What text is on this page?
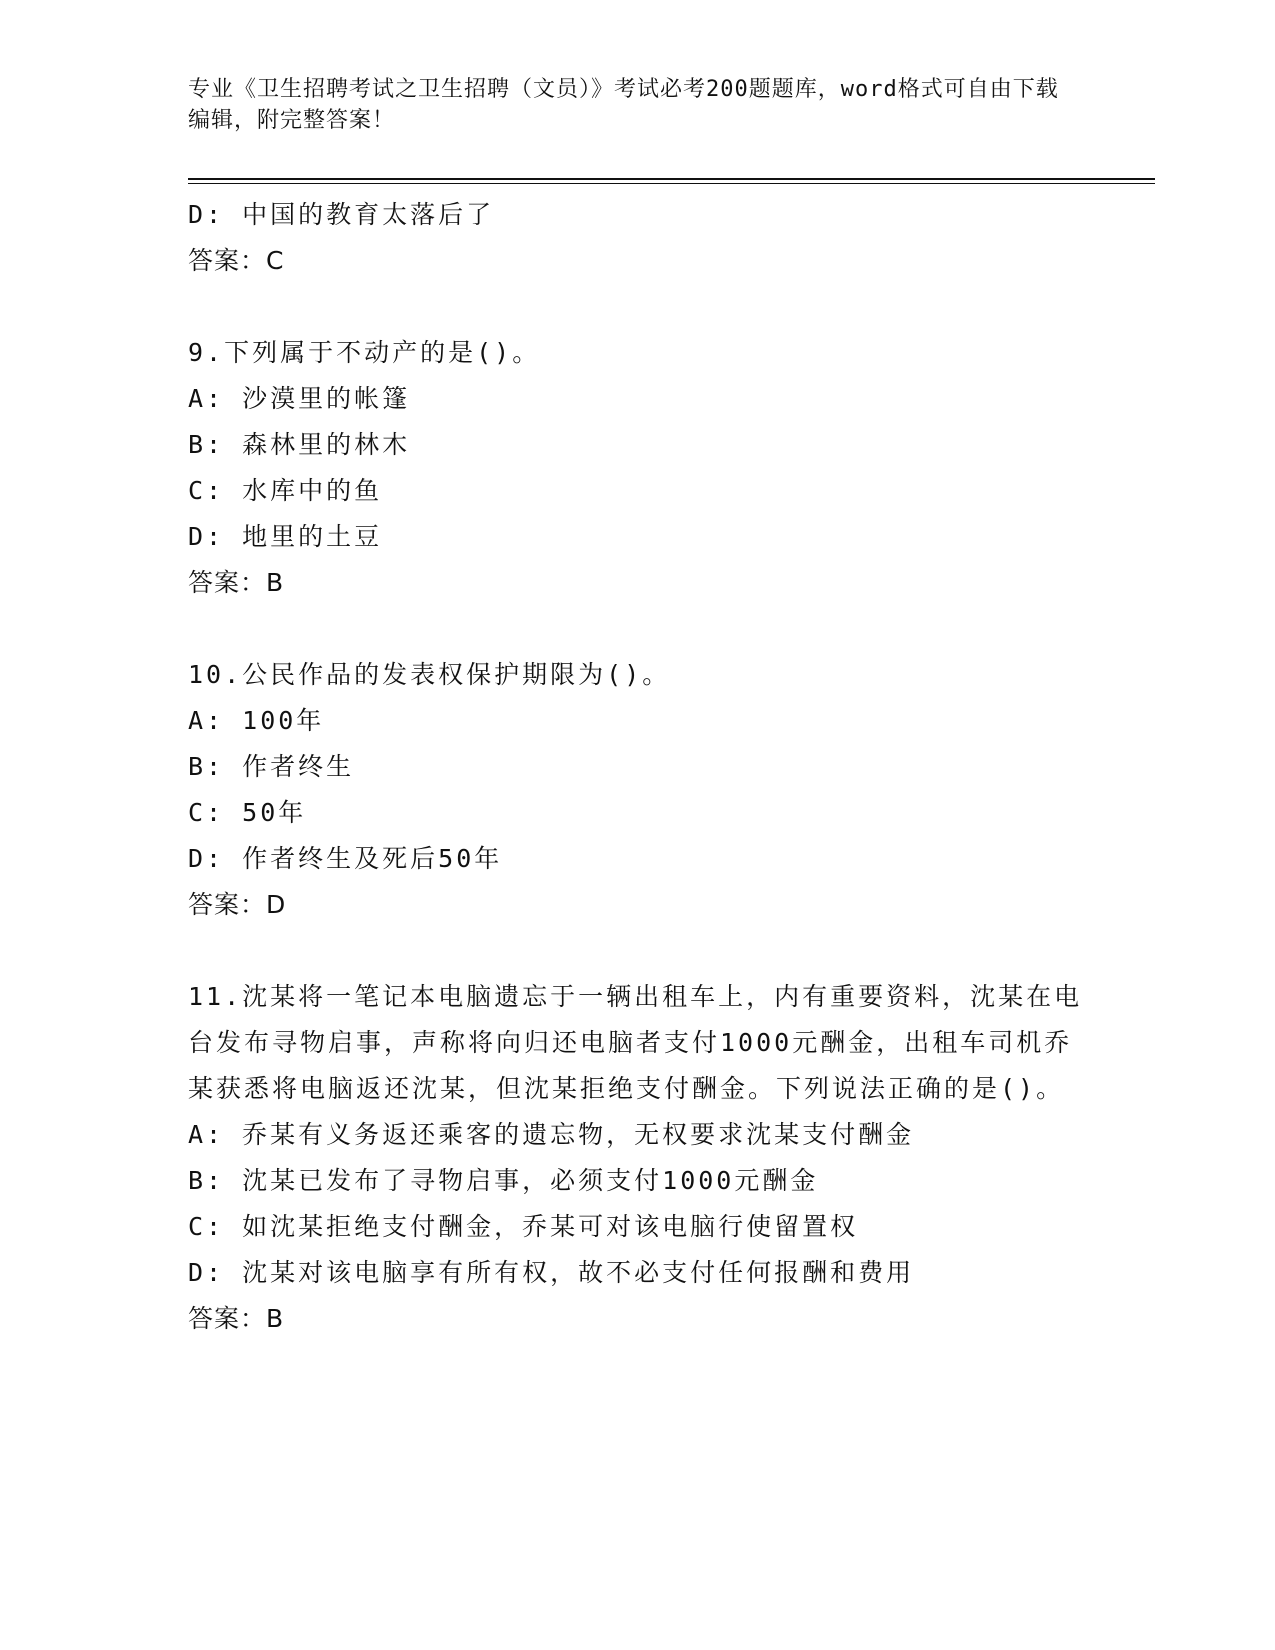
专业《卫生招聘考试之卫生招聘（文员）》考试必考200题题库，word格式可自由下载编辑，附完整答案！
D: 中国的教育太落后了
答案：C
9.下列属于不动产的是()。
A: 沙漠里的帐篷
B: 森林里的林木
C: 水库中的鱼
D: 地里的土豆
答案：B
10.公民作品的发表权保护期限为()。
A: 100年
B: 作者终生
C: 50年
D: 作者终生及死后50年
答案：D
11.沈某将一笔记本电脑遗忘于一辆出租车上，内有重要资料，沈某在电台发布寻物启事，声称将向归还电脑者支付1000元酬金，出租车司机乔某获悉将电脑返还沈某，但沈某拒绝支付酬金。下列说法正确的是()。
A: 乔某有义务返还乘客的遗忘物，无权要求沈某支付酬金
B: 沈某已发布了寻物启事，必须支付1000元酬金
C: 如沈某拒绝支付酬金，乔某可对该电脑行使留置权
D: 沈某对该电脑享有所有权，故不必支付任何报酬和费用
答案：B
